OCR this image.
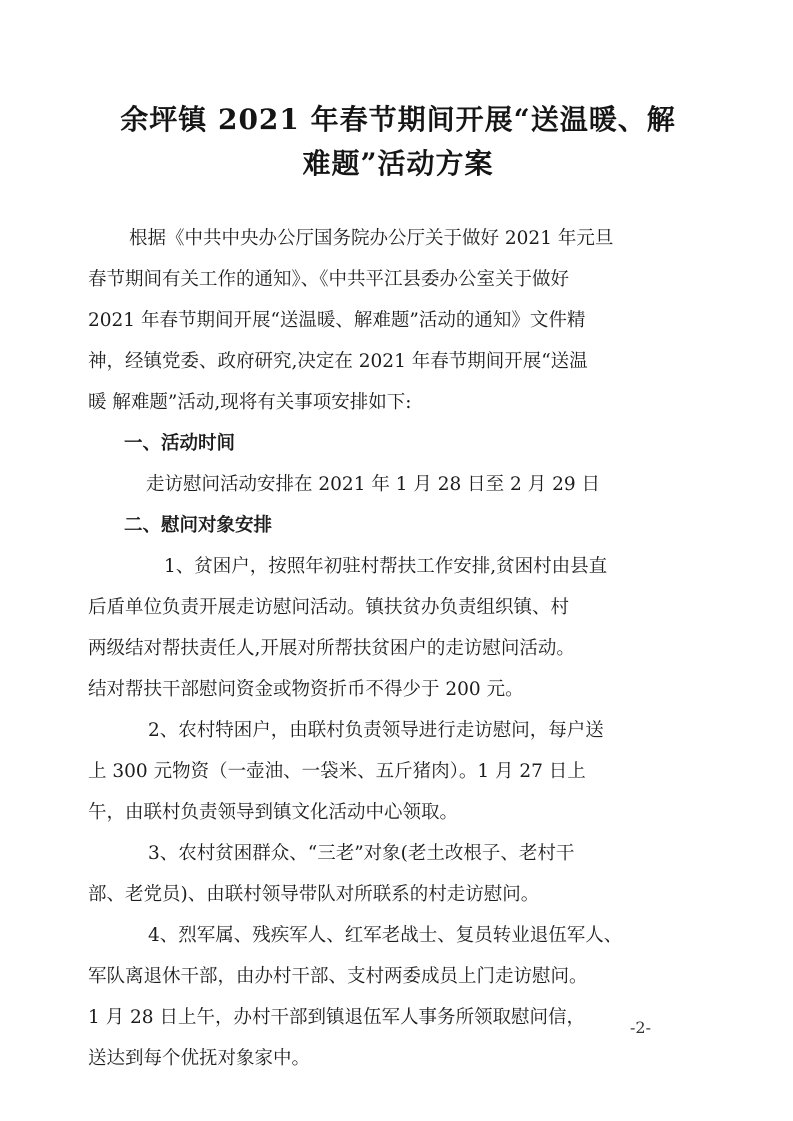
余坪镇 2021 年春节期间开展“送温暖、解
难题”活动方案
根据《中共中央办公厅国务院办公厅关于做好 2021 年元旦
春节期间有关工作的通知》、《中共平江县委办公室关于做好
2021 年春节期间开展“送温暖、解难题”活动的通知》文件精
神，经镇党委、政府研究,决定在 2021 年春节期间开展“送温
暖 解难题”活动,现将有关事项安排如下:
一、活动时间
走访慰问活动安排在 2021 年 1 月 28 日至 2 月 29 日
二、慰问对象安排
1、贫困户，按照年初驻村帮扶工作安排,贫困村由县直
后盾单位负责开展走访慰问活动。镇扶贫办负责组织镇、村
两级结对帮扶责任人,开展对所帮扶贫困户的走访慰问活动。
结对帮扶干部慰问资金或物资折币不得少于 200 元。
2、农村特困户，由联村负责领导进行走访慰问，每户送
上 300 元物资（一壶油、一袋米、五斤猪肉）。1 月 27 日上
午，由联村负责领导到镇文化活动中心领取。
3、农村贫困群众、“三老”对象(老土改根子、老村干
部、老党员)、由联村领导带队对所联系的村走访慰问。
4、烈军属、残疾军人、红军老战士、复员转业退伍军人、
军队离退休干部，由办村干部、支村两委成员上门走访慰问。
1 月 28 日上午，办村干部到镇退伍军人事务所领取慰问信，
送达到每个优抚对象家中。
-2-
